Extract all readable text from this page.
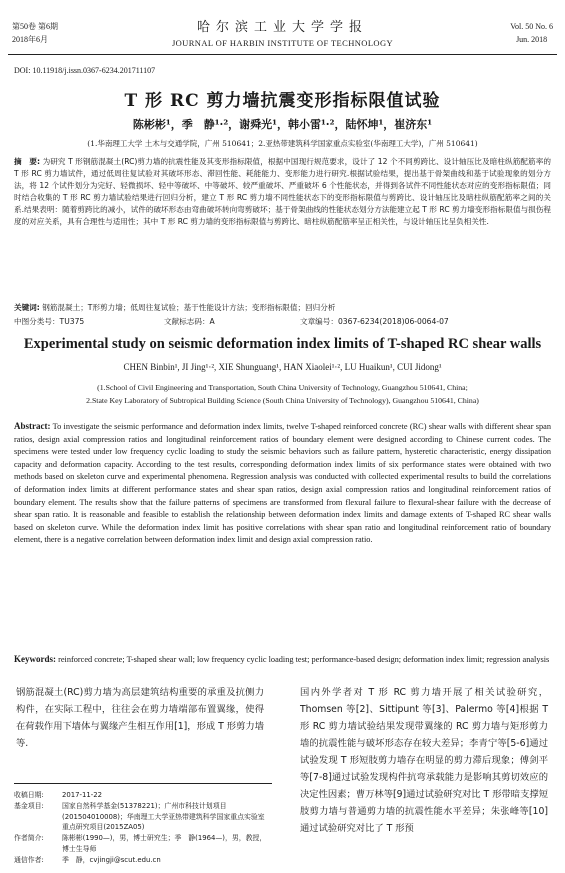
第50卷 第6期
2018年6月
哈尔滨工业大学学报
JOURNAL OF HARBIN INSTITUTE OF TECHNOLOGY
Vol. 50 No. 6
Jun. 2018
DOI: 10.11918/j.issn.0367-6234.201711107
T 形 RC 剪力墙抗震变形指标限值试验
陈彬彬¹，季　静¹·²，谢舜光¹，韩小雷¹·²，陆怀坤¹，崔济东¹
(1.华南理工大学 土木与交通学院，广州 510641；2.亚热带建筑科学国家重点实验室(华南理工大学)，广州 510641)
摘　要: 为研究 T 形钢筋混凝土(RC)剪力墙的抗震性能及其变形指标限值，根据中国现行规范要求，设计了 12 个不同剪跨比、设计轴压比及暗柱纵筋配筋率的 T 形 RC 剪力墙试件，通过低周往复试验对其破坏形态、滞回性能、耗能能力、变形能力进行研究.根据试验结果，提出基于骨架曲线和基于试验现象的划分方法，将 12 个试件划分为完好、轻微损坏、轻中等破坏、中等破坏、较严重破坏、严重破坏 6 个性能状态，并得到各试件不同性能状态对应的变形指标限值；同时结合收集的 T 形 RC 剪力墙试验结果进行回归分析，建立 T 形 RC 剪力墙不同性能状态下的变形指标限值与剪跨比、设计轴压比及暗柱纵筋配筋率之间的关系.结果表明：随着剪跨比的减小，试件的破坏形态由弯曲破坏转向弯剪破坏；基于骨架曲线的性能状态划分方法能建立起 T 形 RC 剪力墙变形指标限值与损伤程度的对应关系，具有合理性与适用性；其中 T 形 RC 剪力墙的变形指标限值与剪跨比、暗柱纵筋配筋率呈正相关性，与设计轴压比呈负相关性.
关键词: 钢筋混凝土；T形剪力墙；低周往复试验；基于性能设计方法；变形指标限值；回归分析
中图分类号：TU375	文献标志码：A	文章编号：0367-6234(2018)06-0064-07
Experimental study on seismic deformation index limits of T-shaped RC shear walls
CHEN Binbin¹, JI Jing¹·², XIE Shunguang¹, HAN Xiaolei¹·², LU Huaikun¹, CUI Jidong¹
(1.School of Civil Engineering and Transportation, South China University of Technology, Guangzhou 510641, China;
2.State Key Laboratory of Subtropical Building Science (South China University of Technology), Guangzhou 510641, China)
Abstract: To investigate the seismic performance and deformation index limits, twelve T-shaped reinforced concrete (RC) shear walls with different shear span ratios, design axial compression ratios and longitudinal reinforcement ratios of boundary element were designed according to Chinese current codes. The specimens were tested under low frequency cyclic loading to study the seismic behaviors such as failure pattern, hysteretic characteristic, energy dissipation capacity and deformation capacity. According to the test results, corresponding deformation index limits of six performance states were obtained with two methods based on skeleton curve and experimental phenomena. Regression analysis was conducted with collected experimental results to build the correlations of deformation index limits at different performance states and shear span ratios, design axial compression ratios and longitudinal reinforcement ratios of boundary element. The results show that the failure patterns of specimens are transformed from flexural failure to flexural-shear failure with the decrease of shear span ratio. It is reasonable and feasible to establish the relationship between deformation index limits and damage extents of T-shaped RC shear walls based on skeleton curve. While the deformation index limit has positive correlations with shear span ratio and longitudinal reinforcement ratio of boundary element, there is a negative correlation between deformation index limit and design axial compression ratio.
Keywords: reinforced concrete; T-shaped shear wall; low frequency cyclic loading test; performance-based design; deformation index limit; regression analysis
钢筋混凝土(RC)剪力墙为高层建筑结构重要的承重及抗侧力构件，在实际工程中，往往会在剪力墙端部布置翼缘，使得在荷载作用下墙体与翼缘产生相互作用[1]，形成 T 形剪力墙等.
国内外学者对 T 形 RC 剪力墙开展了相关试验研究，Thomsen 等[2]、Sittipunt 等[3]、Palermo 等[4]根据 T 形 RC 剪力墙试验结果发现带翼缘的 RC 剪力墙与矩形剪力墙的抗震性能与破坏形态存在较大差异；李青宁等[5-6]通过试验发现 T 形短肢剪力墙存在明显的剪力滞后现象；傅剑平等[7-8]通过试验发现构件抗弯承载能力是影响其剪切效应的决定性因素；曹万林等[9]通过试验研究对比 T 形带暗支撑短肢剪力墙与普通剪力墙的抗震性能水平差异；朱张峰等[10]通过试验研究对比了 T 形预
收稿日期:	2017-11-22
基金项目:	国家自然科学基金(51378221)；广州市科技计划项目(201504010008)；华南理工大学亚热带建筑科学国家重点实验室重点研究项目(2015ZA05)
作者简介:	陈彬彬(1990—)，男，博士研究生；季　静(1964—)，男，教授，博士生导师
通信作者:	季　静，cvjingji@scut.edu.cn
